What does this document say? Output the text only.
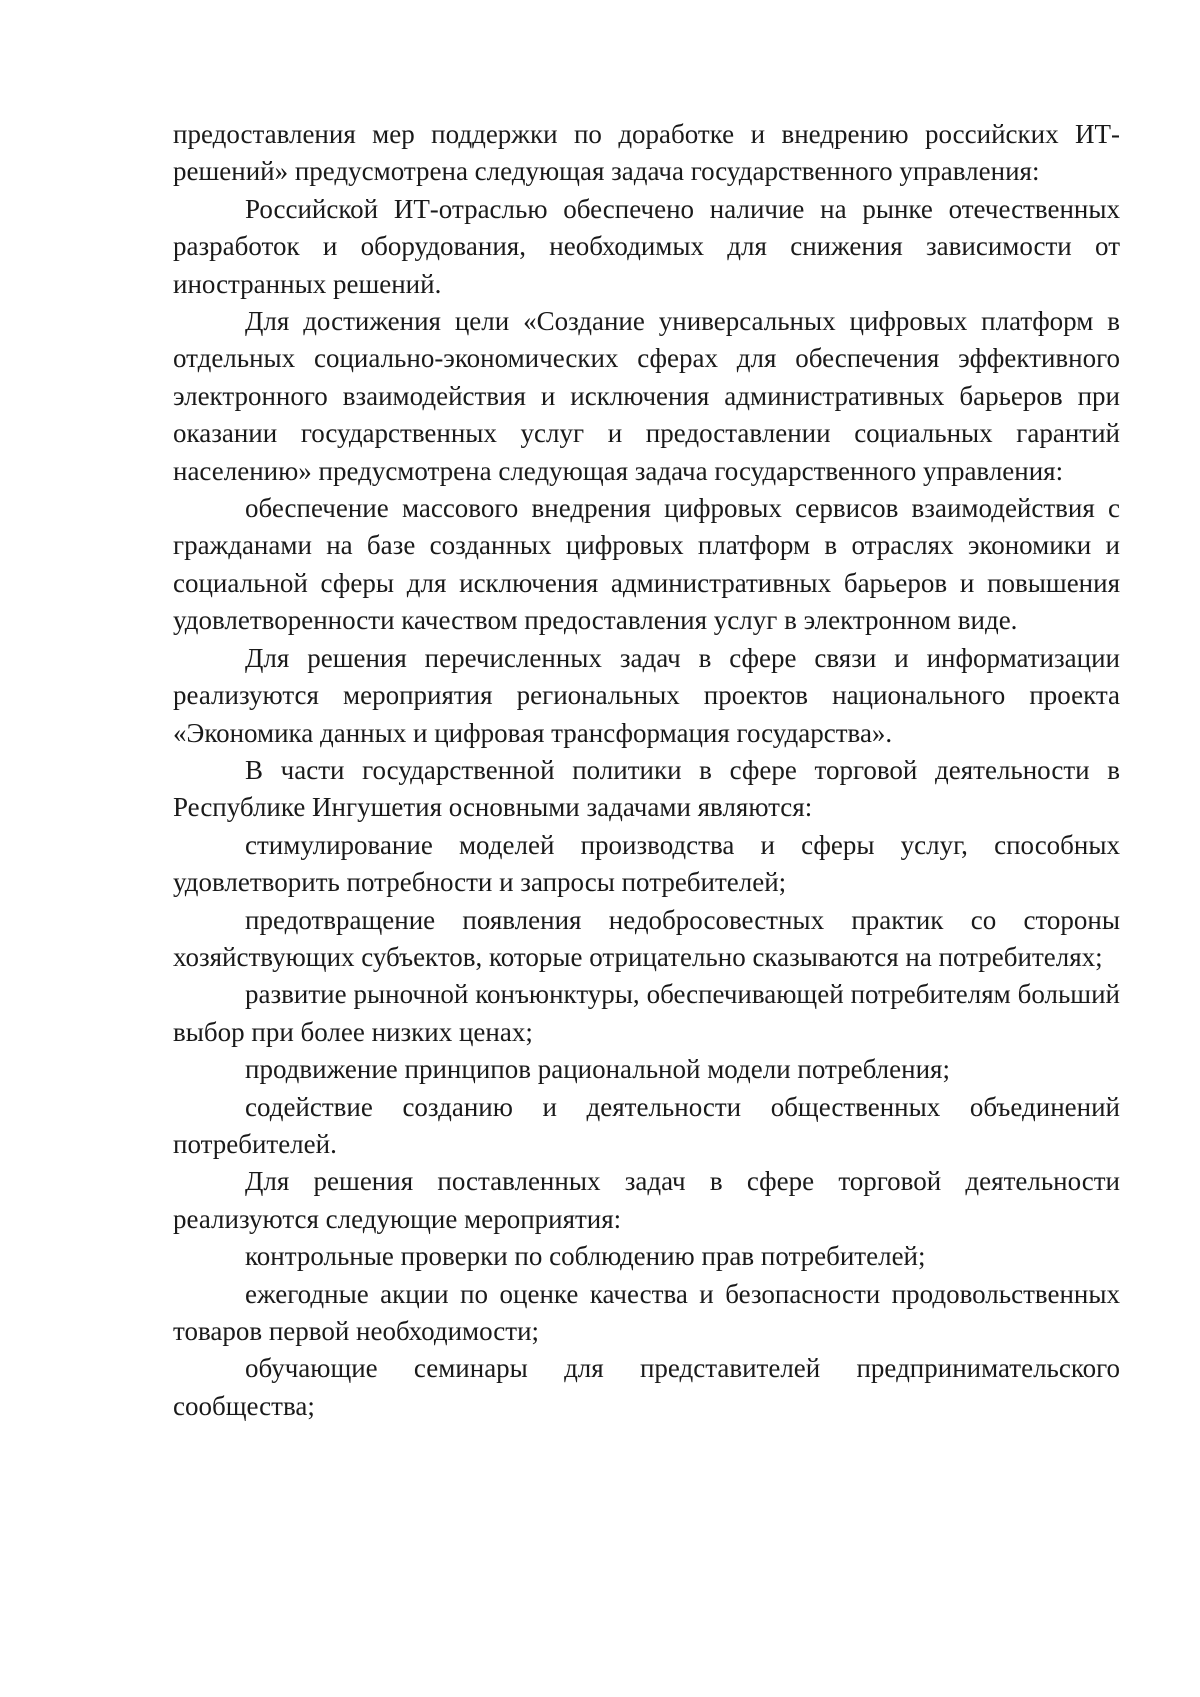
предоставления мер поддержки по доработке и внедрению российских ИТ-решений» предусмотрена следующая задача государственного управления:

Российской ИТ-отраслью обеспечено наличие на рынке отечественных разработок и оборудования, необходимых для снижения зависимости от иностранных решений.

Для достижения цели «Создание универсальных цифровых платформ в отдельных социально-экономических сферах для обеспечения эффективного электронного взаимодействия и исключения административных барьеров при оказании государственных услуг и предоставлении социальных гарантий населению» предусмотрена следующая задача государственного управления:

обеспечение массового внедрения цифровых сервисов взаимодействия с гражданами на базе созданных цифровых платформ в отраслях экономики и социальной сферы для исключения административных барьеров и повышения удовлетворенности качеством предоставления услуг в электронном виде.

Для решения перечисленных задач в сфере связи и информатизации реализуются мероприятия региональных проектов национального проекта «Экономика данных и цифровая трансформация государства».

В части государственной политики в сфере торговой деятельности в Республике Ингушетия основными задачами являются:

стимулирование моделей производства и сферы услуг, способных удовлетворить потребности и запросы потребителей;

предотвращение появления недобросовестных практик со стороны хозяйствующих субъектов, которые отрицательно сказываются на потребителях;

развитие рыночной конъюнктуры, обеспечивающей потребителям больший выбор при более низких ценах;

продвижение принципов рациональной модели потребления;

содействие созданию и деятельности общественных объединений потребителей.

Для решения поставленных задач в сфере торговой деятельности реализуются следующие мероприятия:

контрольные проверки по соблюдению прав потребителей;

ежегодные акции по оценке качества и безопасности продовольственных товаров первой необходимости;

обучающие семинары для представителей предпринимательского сообщества;
